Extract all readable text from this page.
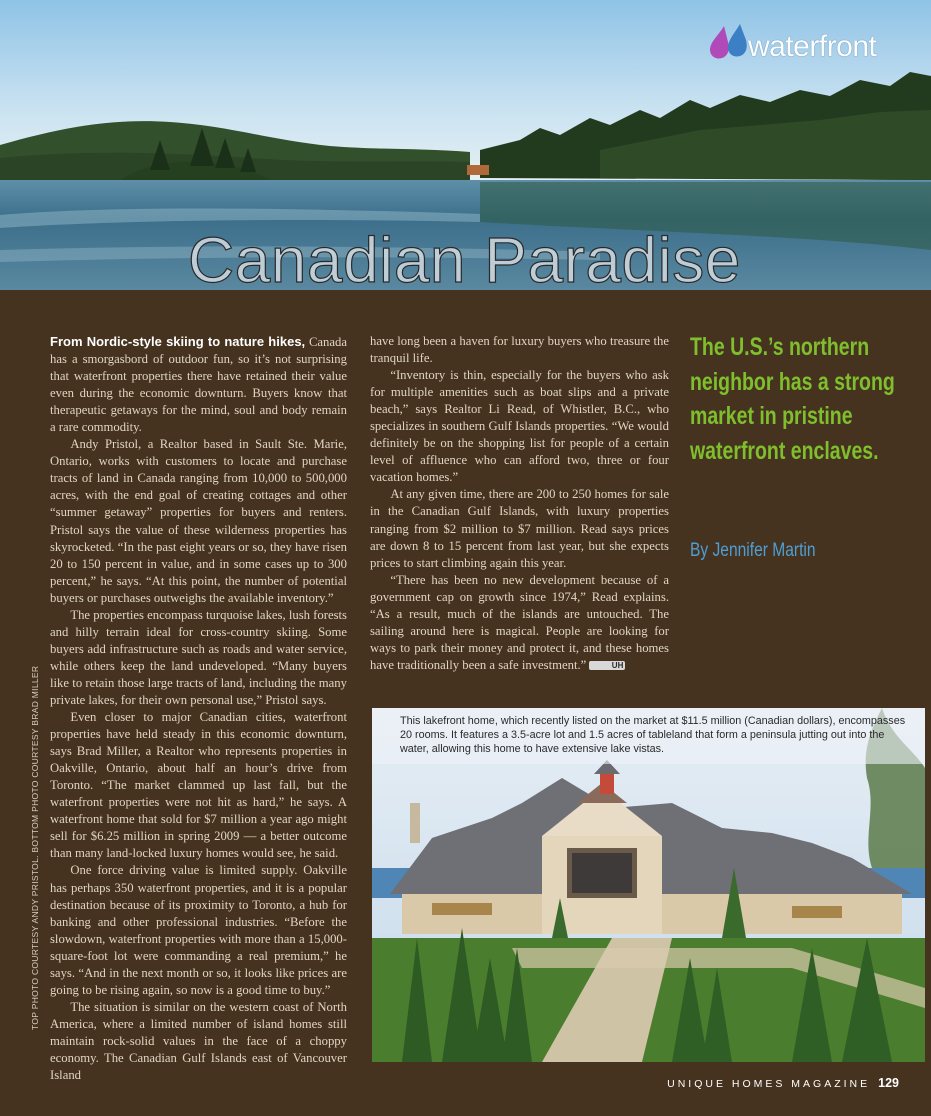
waterfront
Canadian Paradise
TOP PHOTO COURTESY ANDY PRISTOL. BOTTOM PHOTO COURTESY BRAD MILLER

From Nordic-style skiing to nature hikes, Canada has a smorgasbord of outdoor fun, so it’s not surprising that waterfront properties there have retained their value even during the economic downturn. Buyers know that therapeutic getaways for the mind, soul and body remain a rare commodity.

Andy Pristol, a Realtor based in Sault Ste. Marie, Ontario, works with customers to locate and purchase tracts of land in Canada ranging from 10,000 to 500,000 acres, with the end goal of creating cottages and other “summer getaway” properties for buyers and renters. Pristol says the value of these wilderness properties has skyrocketed. “In the past eight years or so, they have risen 20 to 150 percent in value, and in some cases up to 300 percent,” he says. “At this point, the number of potential buyers or purchases outweighs the available inventory.”

The properties encompass turquoise lakes, lush forests and hilly terrain ideal for cross-country skiing. Some buyers add infrastructure such as roads and water service, while others keep the land undeveloped. “Many buyers like to retain those large tracts of land, including the many private lakes, for their own personal use,” Pristol says.

Even closer to major Canadian cities, waterfront properties have held steady in this economic downturn, says Brad Miller, a Realtor who represents properties in Oakville, Ontario, about half an hour’s drive from Toronto. “The market clammed up last fall, but the waterfront properties were not hit as hard,” he says. A waterfront home that sold for $7 million a year ago might sell for $6.25 million in spring 2009 — a better outcome than many land-locked luxury homes would see, he said.

One force driving value is limited supply. Oakville has perhaps 350 waterfront properties, and it is a popular destination because of its proximity to Toronto, a hub for banking and other professional industries. “Before the slowdown, waterfront properties with more than a 15,000-square-foot lot were commanding a real premium,” he says. “And in the next month or so, it looks like prices are going to be rising again, so now is a good time to buy.”

The situation is similar on the western coast of North America, where a limited number of island homes still maintain rock-solid values in the face of a choppy economy. The Canadian Gulf Islands east of Vancouver Island

have long been a haven for luxury buyers who treasure the tranquil life.

“Inventory is thin, especially for the buyers who ask for multiple amenities such as boat slips and a private beach,” says Realtor Li Read, of Whistler, B.C., who specializes in southern Gulf Islands properties. “We would definitely be on the shopping list for people of a certain level of affluence who can afford two, three or four vacation homes.”

At any given time, there are 200 to 250 homes for sale in the Canadian Gulf Islands, with luxury properties ranging from $2 million to $7 million. Read says prices are down 8 to 15 percent from last year, but she expects prices to start climbing again this year.

“There has been no new development because of a government cap on growth since 1974,” Read explains. “As a result, much of the islands are untouched. The sailing around here is magical. People are looking for ways to park their money and protect it, and these homes have traditionally been a safe investment.”	UH

The U.S.’s northern neighbor has a strong market in pristine waterfront enclaves.
By Jennifer Martin

This lakefront home, which recently listed on the market at $11.5 million (Canadian dollars), encompasses 20 rooms. It features a 3.5-acre lot and 1.5 acres of tableland that form a peninsula jutting out into the water, allowing this home to have extensive lake vistas.

UNIQUE HOMES MAGAZINE 129
